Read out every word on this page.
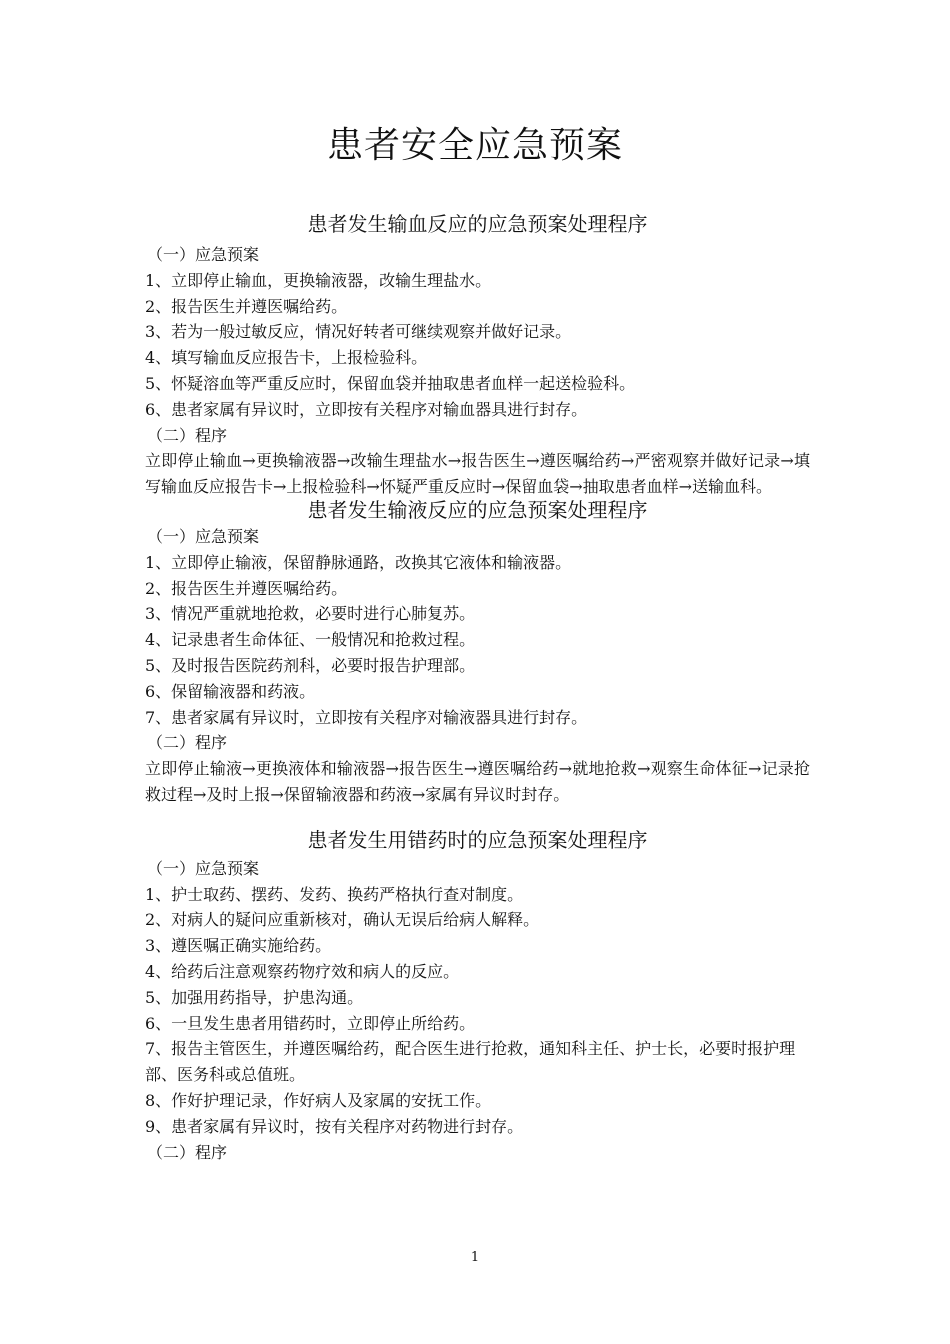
患者安全应急预案
患者发生输血反应的应急预案处理程序

（一）应急预案

1、立即停止输血，更换输液器，改输生理盐水。

2、报告医生并遵医嘱给药。

3、若为一般过敏反应，情况好转者可继续观察并做好记录。

4、填写输血反应报告卡，上报检验科。

5、怀疑溶血等严重反应时，保留血袋并抽取患者血样一起送检验科。

6、患者家属有异议时，立即按有关程序对输血器具进行封存。

（二）程序

立即停止输血→更换输液器→改输生理盐水→报告医生→遵医嘱给药→严密观察并做好记录→填写输血反应报告卡→上报检验科→怀疑严重反应时→保留血袋→抽取患者血样→送输血科。

患者发生输液反应的应急预案处理程序

（一）应急预案

1、立即停止输液，保留静脉通路，改换其它液体和输液器。

2、报告医生并遵医嘱给药。

3、情况严重就地抢救，必要时进行心肺复苏。

4、记录患者生命体征、一般情况和抢救过程。

5、及时报告医院药剂科，必要时报告护理部。

6、保留输液器和药液。

7、患者家属有异议时，立即按有关程序对输液器具进行封存。

（二）程序

立即停止输液→更换液体和输液器→报告医生→遵医嘱给药→就地抢救→观察生命体征→记录抢救过程→及时上报→保留输液器和药液→家属有异议时封存。

患者发生用错药时的应急预案处理程序

（一）应急预案

1、护士取药、摆药、发药、换药严格执行查对制度。

2、对病人的疑问应重新核对，确认无误后给病人解释。

3、遵医嘱正确实施给药。

4、给药后注意观察药物疗效和病人的反应。

5、加强用药指导，护患沟通。

6、一旦发生患者用错药时，立即停止所给药。

7、报告主管医生，并遵医嘱给药，配合医生进行抢救，通知科主任、护士长，必要时报护理部、医务科或总值班。

8、作好护理记录，作好病人及家属的安抚工作。

9、患者家属有异议时，按有关程序对药物进行封存。

（二）程序

1
